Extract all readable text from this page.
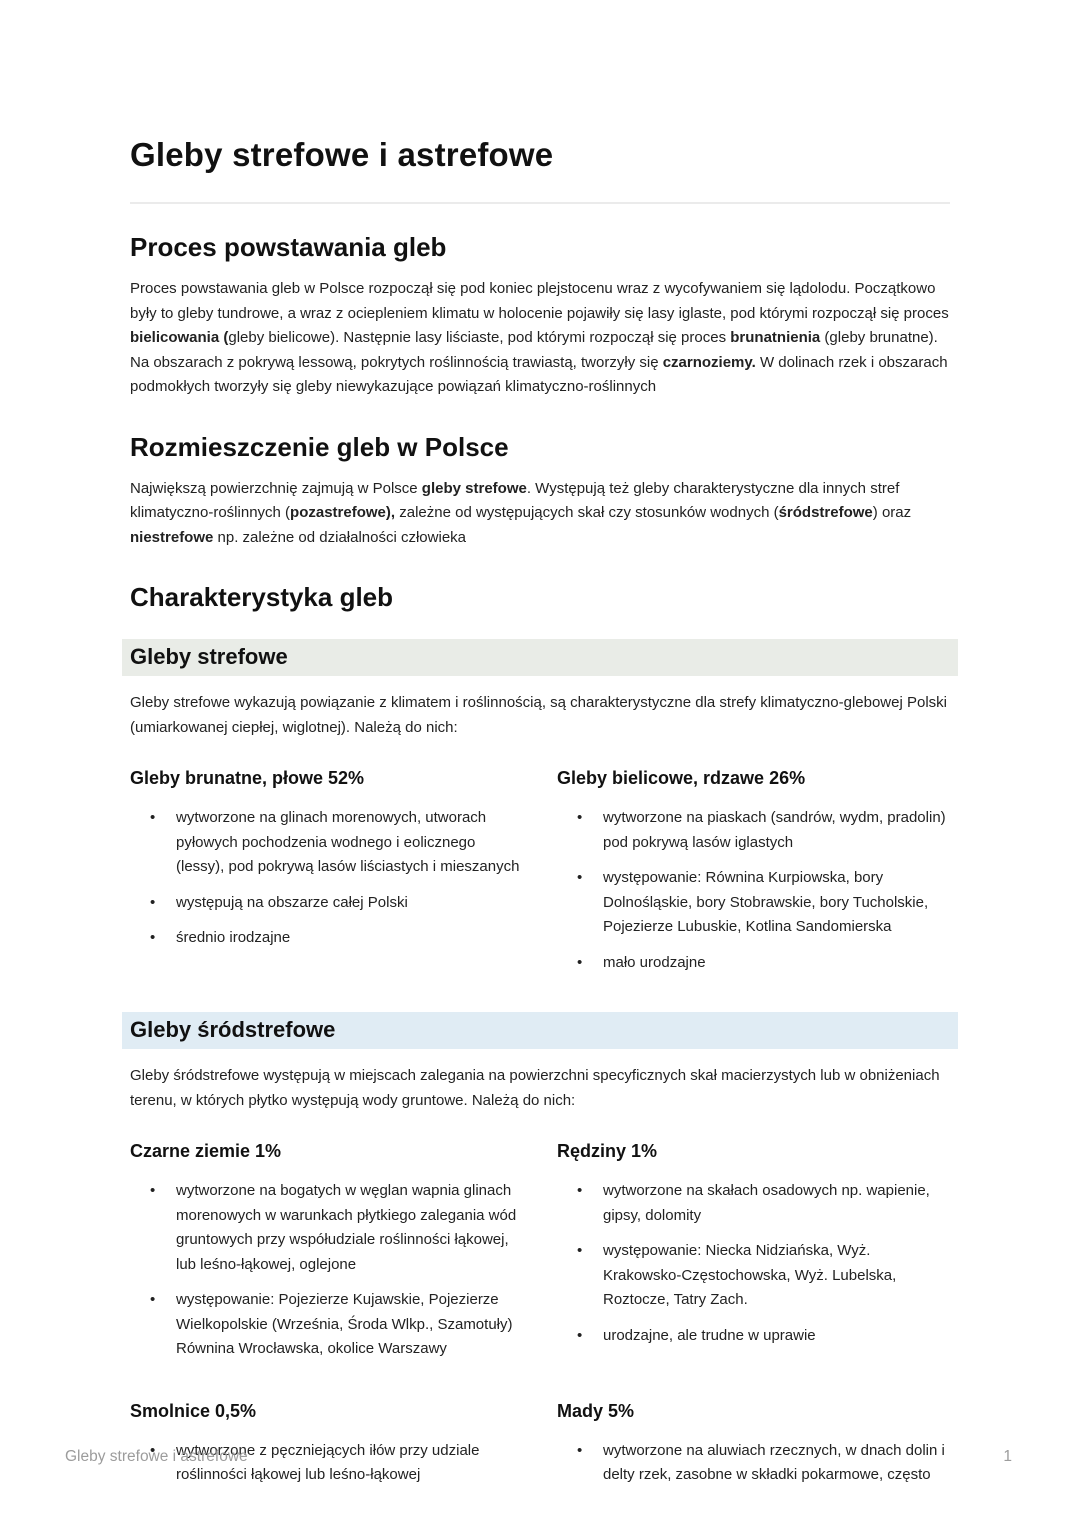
Gleby strefowe i astrefowe
Proces powstawania gleb

Proces powstawania gleb w Polsce rozpoczął się pod koniec plejstocenu wraz z wycofywaniem się lądolodu. Początkowo były to gleby tundrowe, a wraz z ociepleniem klimatu w holocenie pojawiły się lasy iglaste, pod którymi rozpoczął się proces bielicowania (gleby bielicowe). Następnie lasy liściaste, pod którymi rozpoczął się proces brunatnienia (gleby brunatne). Na obszarach z pokrywą lessową, pokrytych roślinnością trawiastą, tworzyły się czarnoziemy. W dolinach rzek i obszarach podmokłych tworzyły się gleby niewykazujące powiązań klimatyczno-roślinnych

Rozmieszczenie gleb w Polsce

Największą powierzchnię zajmują w Polsce gleby strefowe. Występują też gleby charakterystyczne dla innych stref klimatyczno-roślinnych (pozastrefowe), zależne od występujących skał czy stosunków wodnych (śródstrefowe) oraz niestrefowe np. zależne od działalności człowieka

Charakterystyka gleb
Gleby strefowe

Gleby strefowe wykazują powiązanie z klimatem i roślinnością, są charakterystyczne dla strefy klimatyczno-glebowej Polski (umiarkowanej ciepłej, wiglotnej). Należą do nich:

Gleby brunatne, płowe 52%
• wytworzone na glinach morenowych, utworach pyłowych pochodzenia wodnego i eolicznego (lessy), pod pokrywą lasów liściastych i mieszanych
• występują na obszarze całej Polski
• średnio irodzajne
Gleby bielicowe, rdzawe 26%
• wytworzone na piaskach (sandrów, wydm, pradolin) pod pokrywą lasów iglastych
• występowanie: Równina Kurpiowska, bory Dolnośląskie, bory Stobrawskie, bory Tucholskie, Pojezierze Lubuskie, Kotlina Sandomierska
• mało urodzajne
Gleby śródstrefowe

Gleby śródstrefowe występują w miejscach zalegania na powierzchni specyficznych skał macierzystych lub w obniżeniach terenu, w których płytko występują wody gruntowe. Należą do nich:

Czarne ziemie 1%
• wytworzone na bogatych w węglan wapnia glinach morenowych w warunkach płytkiego zalegania wód gruntowych przy współudziale roślinności łąkowej, lub leśno-łąkowej, oglejone
• występowanie: Pojezierze Kujawskie, Pojezierze Wielkopolskie (Września, Środa Wlkp., Szamotuły) Równina Wrocławska, okolice Warszawy
Rędziny 1%
• wytworzone na skałach osadowych np. wapienie, gipsy, dolomity
• występowanie: Niecka Nidziańska, Wyż. Krakowsko-Częstochowska, Wyż. Lubelska, Roztocze, Tatry Zach.
• urodzajne, ale trudne w uprawie
Smolnice 0,5%
• wytworzone z pęczniejących iłów przy udziale roślinności łąkowej lub leśno-łąkowej
Mady 5%
• wytworzone na aluwiach rzecznych, w dnach dolin i delty rzek, zasobne w składki pokarmowe, często
Gleby strefowe i astrefowe	1
